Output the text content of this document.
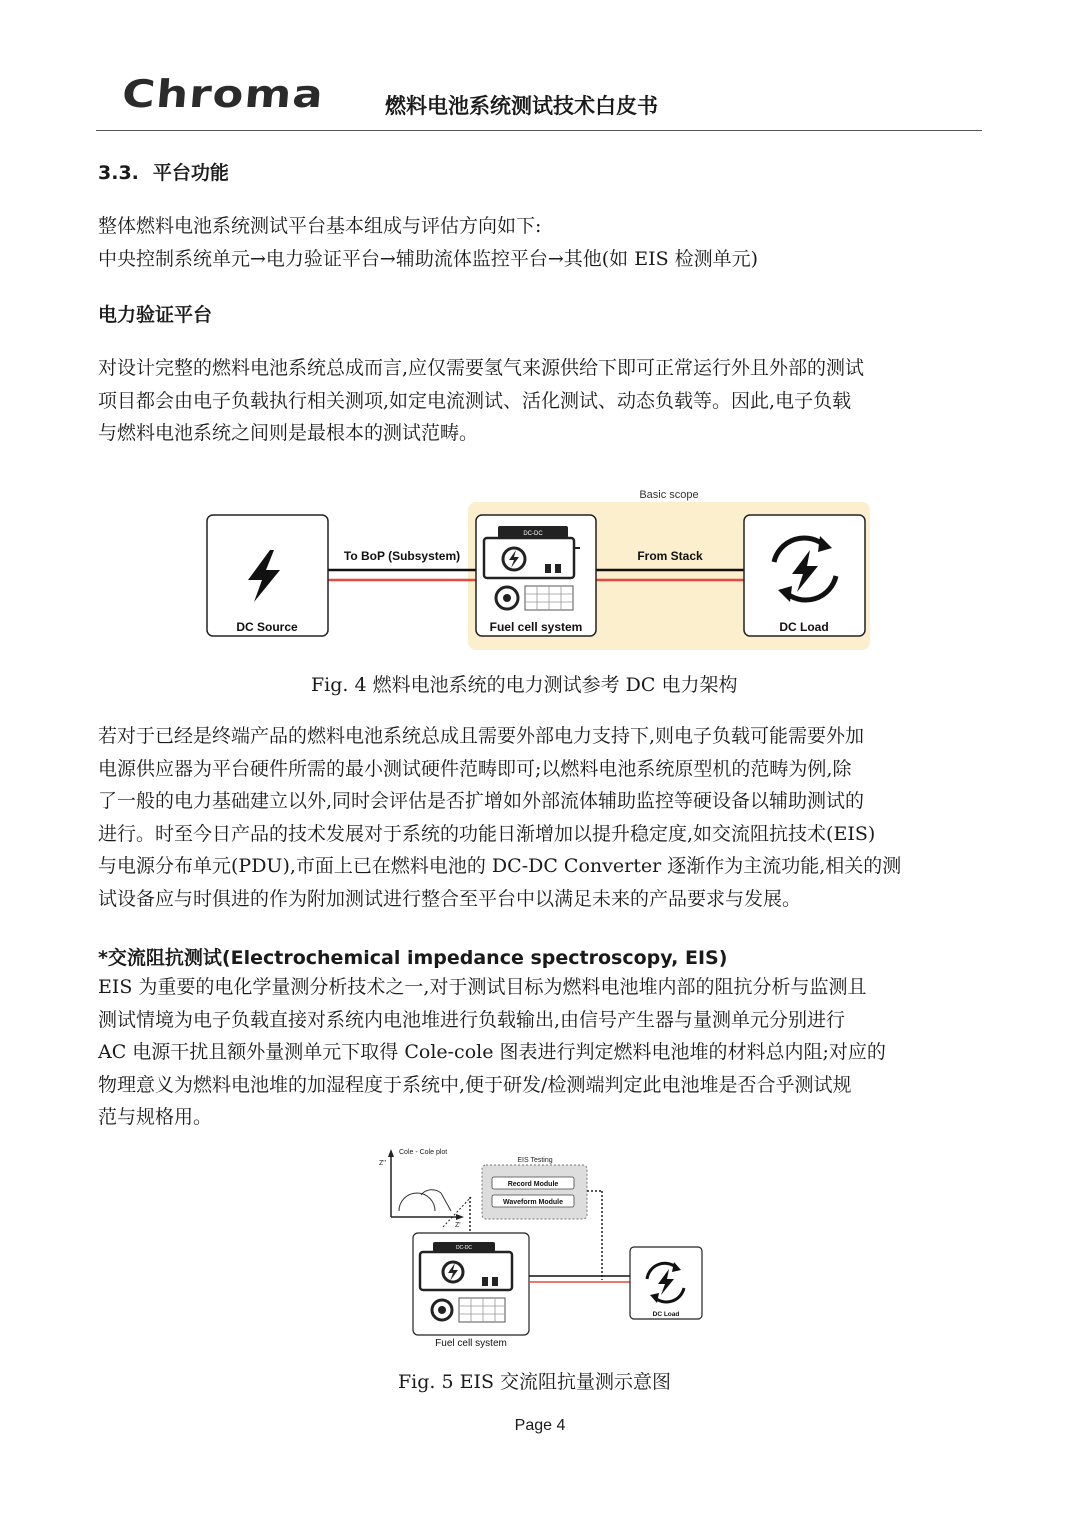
Chroma	燃料电池系统测试技术白皮书
3.3. 平台功能
整体燃料电池系统测试平台基本组成与评估方向如下:
中央控制系统单元→电力验证平台→辅助流体监控平台→其他(如 EIS 检测单元)
电力验证平台
对设计完整的燃料电池系统总成而言,应仅需要氢气来源供给下即可正常运行外且外部的测试
项目都会由电子负载执行相关测项,如定电流测试、活化测试、动态负载等。因此,电子负载
与燃料电池系统之间则是最根本的测试范畴。
Basic scope
To BoP (Subsystem)	From Stack
DC Source
DC-DC
Fuel cell system	DC Load
Fig. 4 燃料电池系统的电力测试参考 DC 电力架构
若对于已经是终端产品的燃料电池系统总成且需要外部电力支持下,则电子负载可能需要外加
电源供应器为平台硬件所需的最小测试硬件范畴即可;以燃料电池系统原型机的范畴为例,除
了一般的电力基础建立以外,同时会评估是否扩增如外部流体辅助监控等硬设备以辅助测试的
进行。时至今日产品的技术发展对于系统的功能日渐增加以提升稳定度,如交流阻抗技术(EIS)
与电源分布单元(PDU),市面上已在燃料电池的 DC-DC Converter 逐渐作为主流功能,相关的测
试设备应与时俱进的作为附加测试进行整合至平台中以满足未来的产品要求与发展。
*交流阻抗测试(Electrochemical impedance spectroscopy, EIS)
EIS 为重要的电化学量测分析技术之一,对于测试目标为燃料电池堆内部的阻抗分析与监测且
测试情境为电子负载直接对系统内电池堆进行负载输出,由信号产生器与量测单元分别进行
AC 电源干扰且额外量测单元下取得 Cole-cole 图表进行判定燃料电池堆的材料总内阻;对应的
物理意义为燃料电池堆的加湿程度于系统中,便于研发/检测端判定此电池堆是否合乎测试规
范与规格用。
Cole - Cole plot
Z''
Z'
EIS Testing
Record Module
Waveform Module
DC-DC
Fuel cell system
DC Load
Fig. 5 EIS 交流阻抗量测示意图
Page 4
